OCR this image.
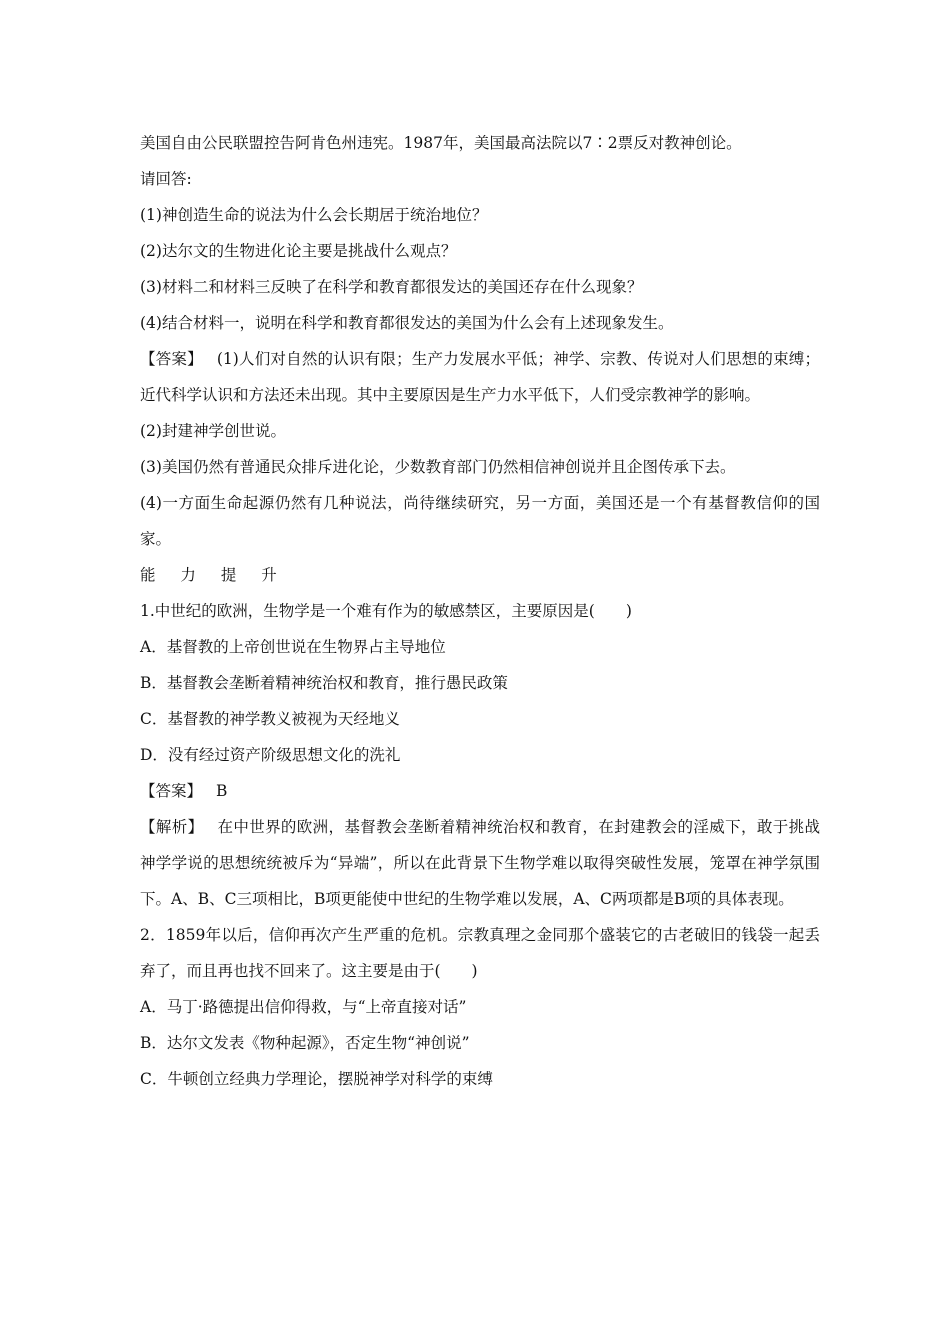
美国自由公民联盟控告阿肯色州违宪。1987年，美国最高法院以7∶2票反对教神创论。
请回答:
(1)神创造生命的说法为什么会长期居于统治地位？
(2)达尔文的生物进化论主要是挑战什么观点？
(3)材料二和材料三反映了在科学和教育都很发达的美国还存在什么现象？
(4)结合材料一，说明在科学和教育都很发达的美国为什么会有上述现象发生。
【答案】 (1)人们对自然的认识有限；生产力发展水平低；神学、宗教、传说对人们思想的束缚；近代科学认识和方法还未出现。其中主要原因是生产力水平低下，人们受宗教神学的影响。
(2)封建神学创世说。
(3)美国仍然有普通民众排斥进化论，少数教育部门仍然相信神创说并且企图传承下去。
(4)一方面生命起源仍然有几种说法，尚待继续研究，另一方面，美国还是一个有基督教信仰的国家。
能 力 提 升
1.中世纪的欧洲，生物学是一个难有作为的敏感禁区，主要原因是(　　)
A．基督教的上帝创世说在生物界占主导地位
B．基督教会垄断着精神统治权和教育，推行愚民政策
C．基督教的神学教义被视为天经地义
D．没有经过资产阶级思想文化的洗礼
【答案】 B
【解析】 在中世界的欧洲，基督教会垄断着精神统治权和教育，在封建教会的淫威下，敢于挑战神学学说的思想统统被斥为“异端”，所以在此背景下生物学难以取得突破性发展，笼罩在神学氛围下。A、B、C三项相比，B项更能使中世纪的生物学难以发展，A、C两项都是B项的具体表现。
2．1859年以后，信仰再次产生严重的危机。宗教真理之金同那个盛装它的古老破旧的钱袋一起丢弃了，而且再也找不回来了。这主要是由于(　　)
A．马丁·路德提出信仰得救，与“上帝直接对话”
B．达尔文发表《物种起源》，否定生物“神创说”
C．牛顿创立经典力学理论，摆脱神学对科学的束缚
